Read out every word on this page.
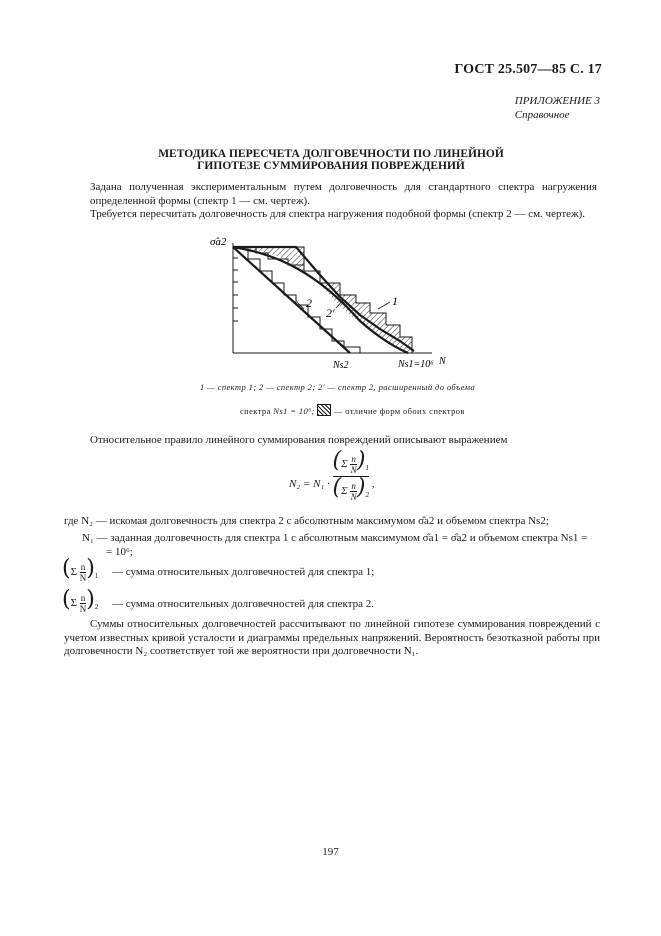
ГОСТ 25.507—85 С. 17
ПРИЛОЖЕНИЕ 3
Справочное
МЕТОДИКА ПЕРЕСЧЕТА ДОЛГОВЕЧНОСТИ ПО ЛИНЕЙНОЙ
ГИПОТЕЗЕ СУММИРОВАНИЯ ПОВРЕЖДЕНИЙ
Задана полученная экспериментальным путем долговечность для стандартного спектра нагружения определенной формы (спектр 1 — см. чертеж).
Требуется пересчитать долговечность для спектра нагружения подобной формы (спектр 2 — см. чертеж).
σ̂a2
N
Ns2	Ns1=10⁶
1
2
2'
1 — спектр 1; 2 — спектр 2; 2′ — спектр 2, расширенный до объема
спектра Ns1 = 10⁶; — отличие форм обоих спектров
Относительное правило линейного суммирования повреждений описывают выражением
$N_2 = N_1 \cdot \frac{(\Sigma \frac{n}{N} )_1}{(\Sigma \frac{n}{N} )_2}$ ,
где N₂ — искомая долговечность для спектра 2 с абсолютным максимумом σ̂a2 и объемом спектра Ns2;
N₁ — заданная долговечность для спектра 1 с абсолютным максимумом σ̂a1 = σ̂a2 и объемом спектра Ns1 =
= 10⁶;
$(\Sigma \frac{n}{N} )_1$ — сумма относительных долговечностей для спектра 1;
$(\Sigma \frac{n}{N} )_2$ — сумма относительных долговечностей для спектра 2.
Суммы относительных долговечностей рассчитывают по линейной гипотезе суммирования повреждений с учетом известных кривой усталости и диаграммы предельных напряжений. Вероятность безотказной работы при долговечности N₂ соответствует той же вероятности при долговечности N₁.
197
